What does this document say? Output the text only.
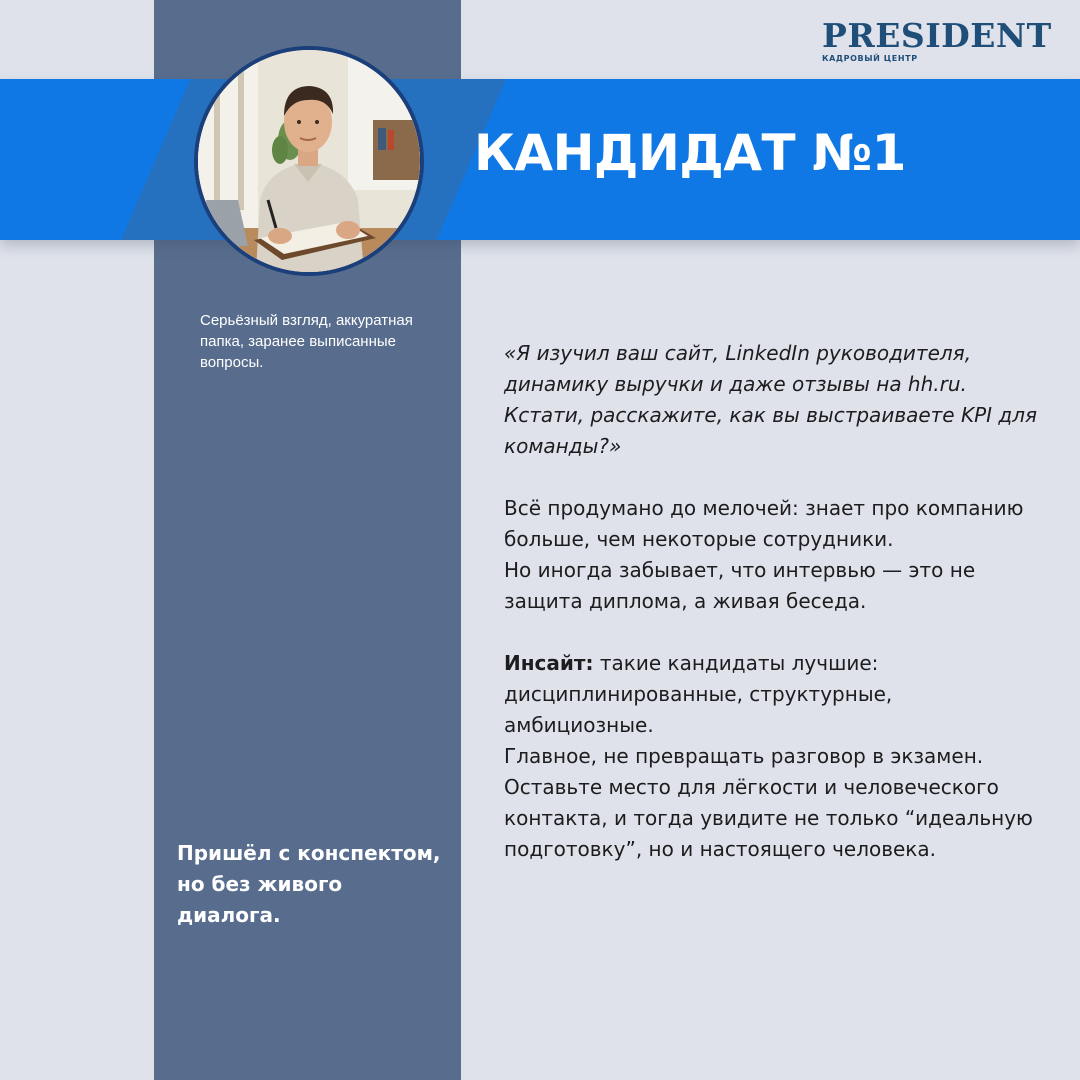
КАНДИДАТ №1
PRESIDENT
КАДРОВЫЙ ЦЕНТР
Серьёзный взгляд, аккуратная папка, заранее выписанные вопросы.
Пришёл с конспектом, но без живого диалога.
«Я изучил ваш сайт, LinkedIn руководителя, динамику выручки и даже отзывы на hh.ru. Кстати, расскажите, как вы выстраиваете KPI для команды?»
Всё продумано до мелочей: знает про компанию больше, чем некоторые сотрудники.
Но иногда забывает, что интервью — это не защита диплома, а живая беседа.
Инсайт: такие кандидаты лучшие: дисциплинированные, структурные, амбициозные.
Главное, не превращать разговор в экзамен.
Оставьте место для лёгкости и человеческого контакта, и тогда увидите не только “идеальную подготовку”, но и настоящего человека.
